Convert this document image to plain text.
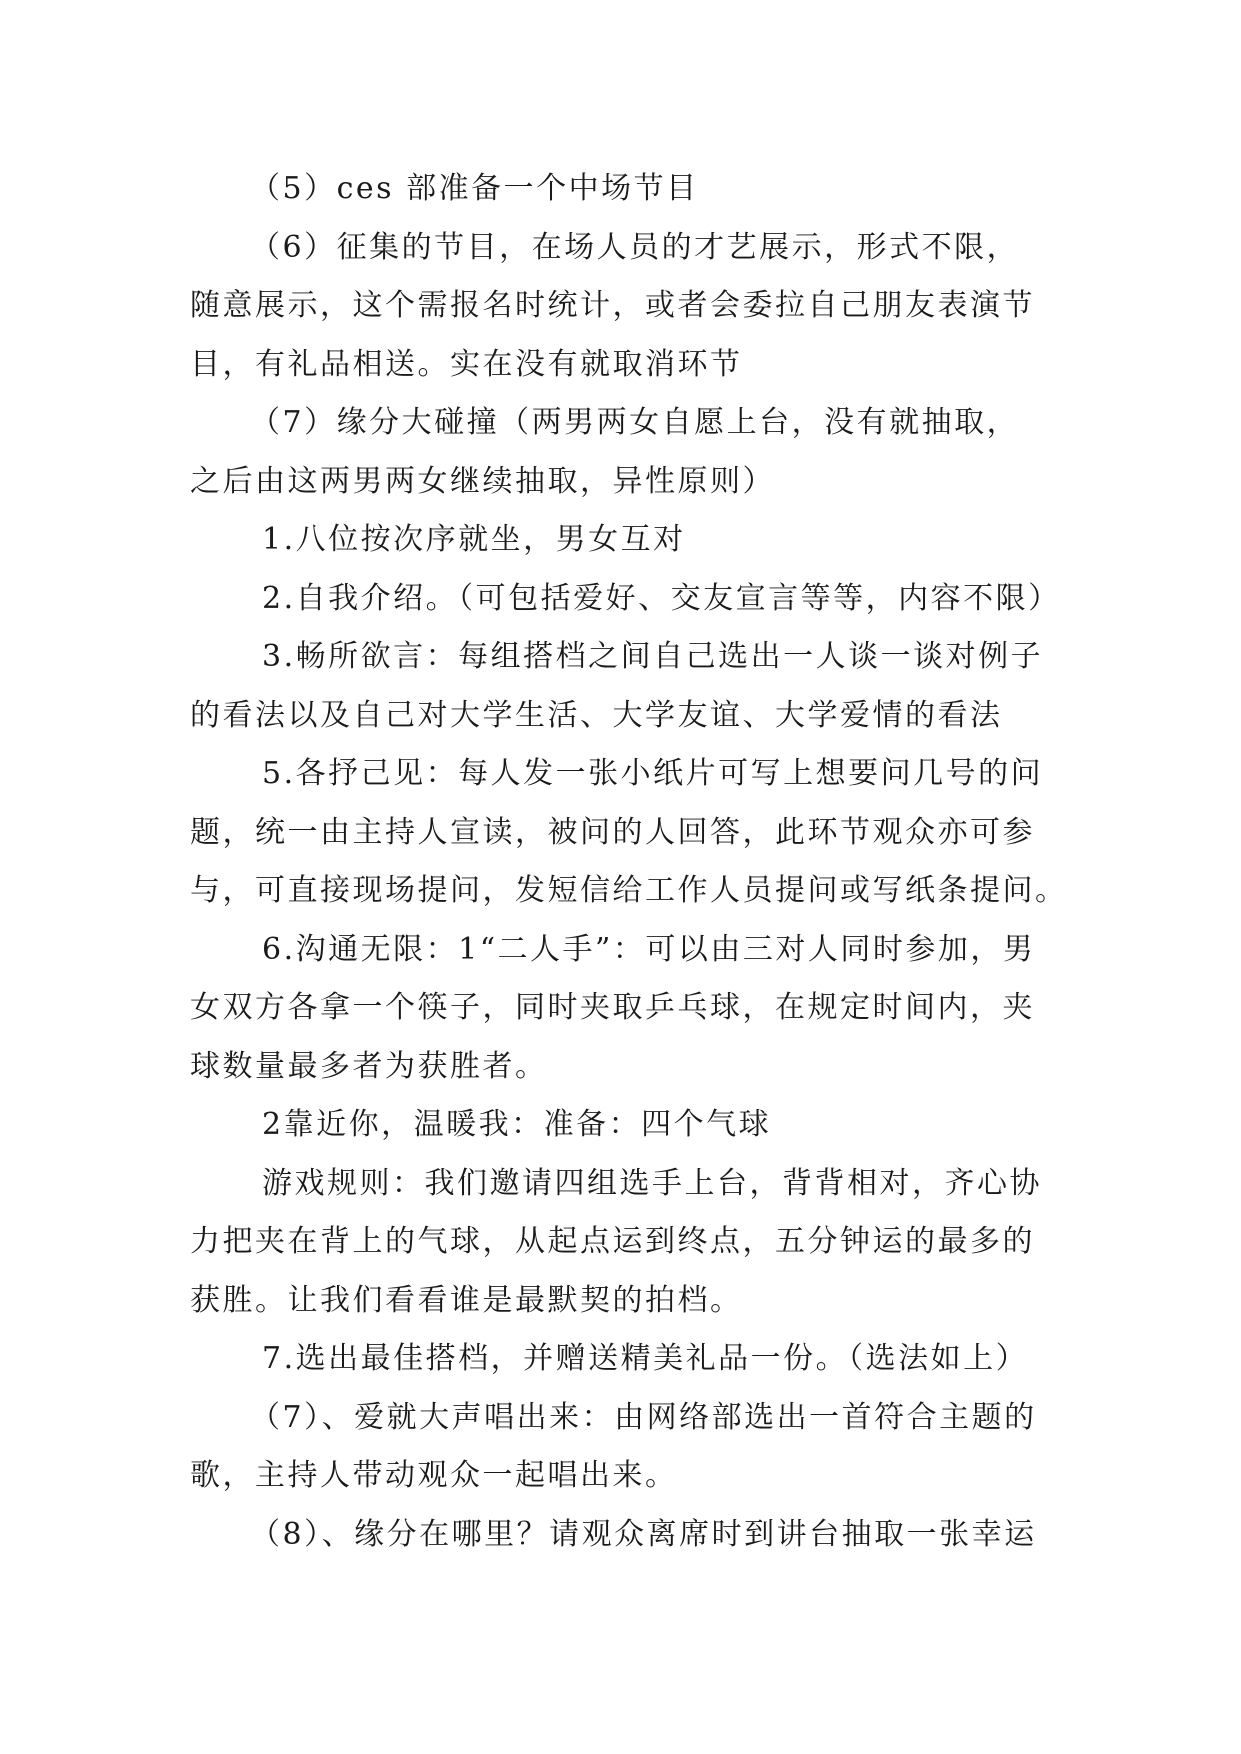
（5）ces 部准备一个中场节目
（6）征集的节目，在场人员的才艺展示，形式不限，
随意展示，这个需报名时统计，或者会委拉自己朋友表演节
目，有礼品相送。实在没有就取消环节
（7）缘分大碰撞（两男两女自愿上台，没有就抽取，
之后由这两男两女继续抽取，异性原则）
1.八位按次序就坐，男女互对
2.自我介绍。（可包括爱好、交友宣言等等，内容不限）
3.畅所欲言：每组搭档之间自己选出一人谈一谈对例子
的看法以及自己对大学生活、大学友谊、大学爱情的看法
5.各抒己见：每人发一张小纸片可写上想要问几号的问
题，统一由主持人宣读，被问的人回答，此环节观众亦可参
与，可直接现场提问，发短信给工作人员提问或写纸条提问。
6.沟通无限：1“二人手”：可以由三对人同时参加，男
女双方各拿一个筷子，同时夹取乒乓球，在规定时间内，夹
球数量最多者为获胜者。
2靠近你，温暖我：准备：四个气球
游戏规则：我们邀请四组选手上台，背背相对，齐心协
力把夹在背上的气球，从起点运到终点，五分钟运的最多的
获胜。让我们看看谁是最默契的拍档。
7.选出最佳搭档，并赠送精美礼品一份。（选法如上）
（7）、爱就大声唱出来：由网络部选出一首符合主题的
歌，主持人带动观众一起唱出来。
（8）、缘分在哪里？请观众离席时到讲台抽取一张幸运
